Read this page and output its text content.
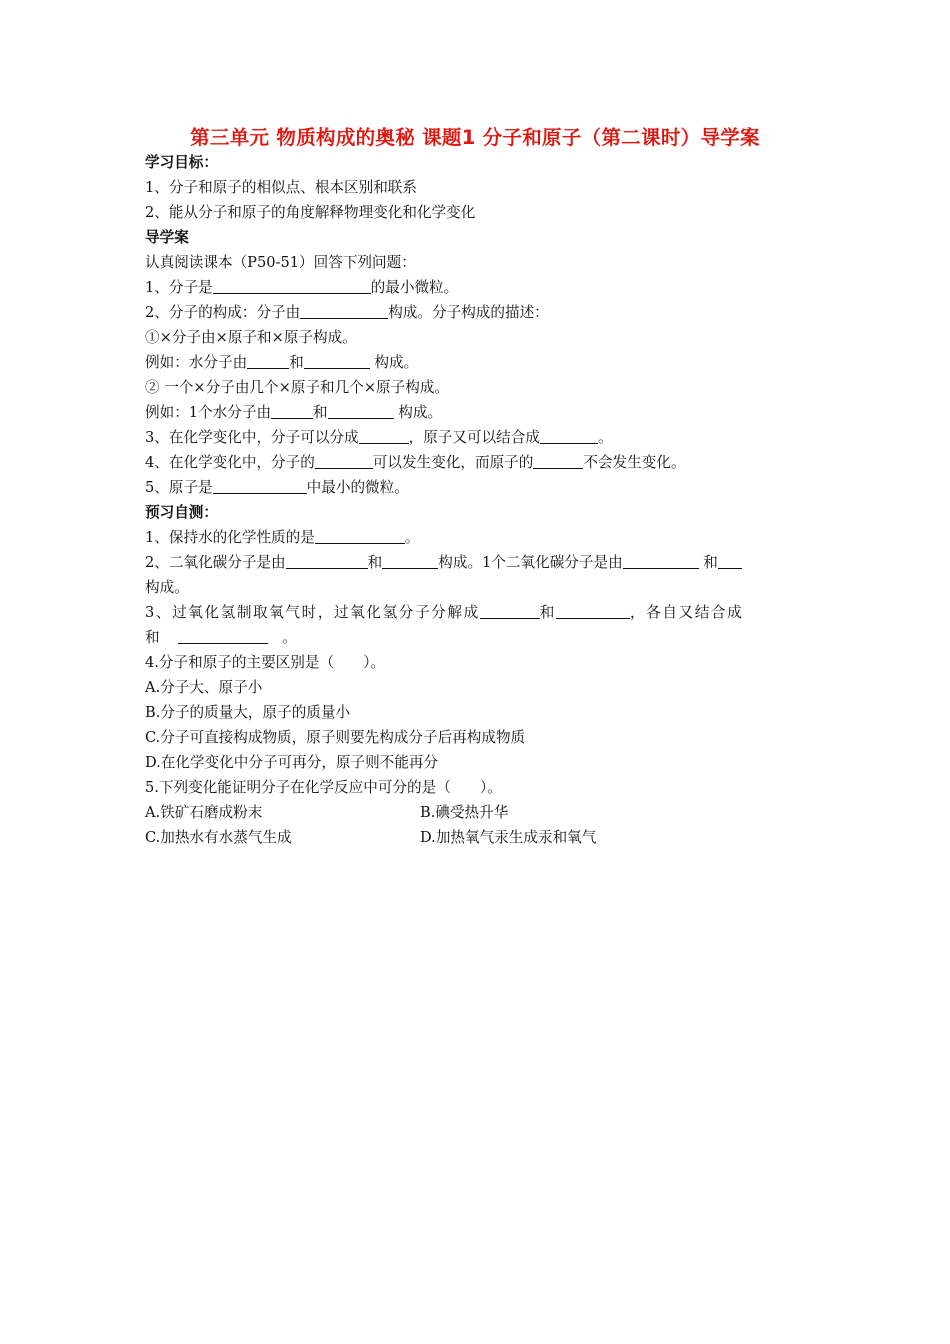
第三单元 物质构成的奥秘 课题1 分子和原子（第二课时）导学案
学习目标：
1、分子和原子的相似点、根本区别和联系
2、能从分子和原子的角度解释物理变化和化学变化
导学案
认真阅读课本（P50-51）回答下列问题：
1、分子是	的最小微粒。
2、分子的构成：分子由	构成。分子构成的描述：
①×分子由×原子和×原子构成。
例如：水分子由	和	构成。
② 一个×分子由几个×原子和几个×原子构成。
例如：1个水分子由	和	构成。
3、在化学变化中，分子可以分成	，原子又可以结合成	。
4、在化学变化中，分子的	可以发生变化，而原子的	不会发生变化。
5、原子是	中最小的微粒。
预习自测：
1、保持水的化学性质的是	。
2、二氧化碳分子是由	和	构成。1个二氧化碳分子是由	和
构成。
3、过氧化氢制取氧气时，过氧化氢分子分解成	和	，各自又结合成
和	。
4.分子和原子的主要区别是（　　）。
A.分子大、原子小
B.分子的质量大，原子的质量小
C.分子可直接构成物质，原子则要先构成分子后再构成物质
D.在化学变化中分子可再分，原子则不能再分
5.下列变化能证明分子在化学反应中可分的是（　　）。
A.铁矿石磨成粉末	B.碘受热升华
C.加热水有水蒸气生成	D.加热氧气汞生成汞和氧气
